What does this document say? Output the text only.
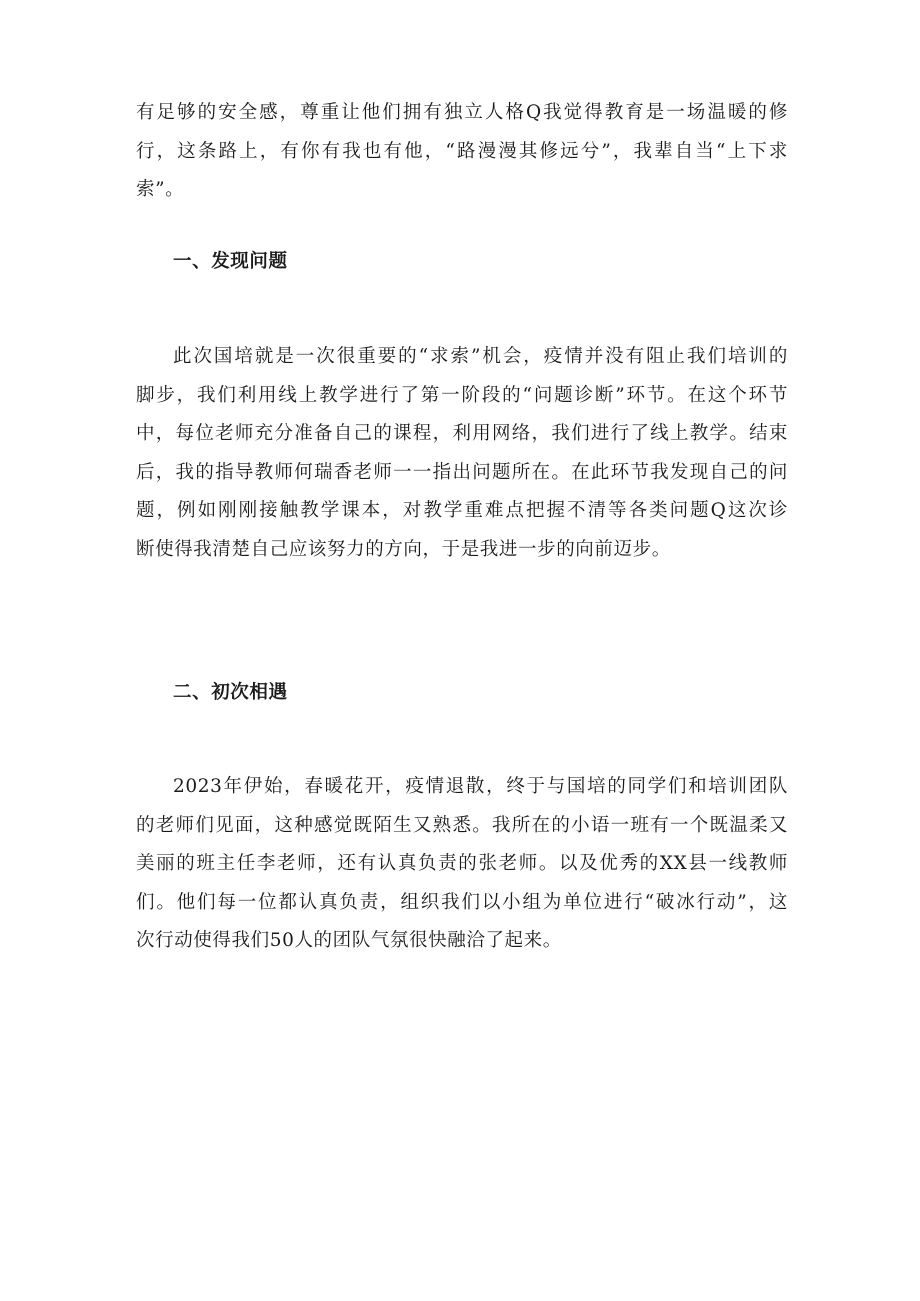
有足够的安全感，尊重让他们拥有独立人格Q我觉得教育是一场温暖的修
行，这条路上，有你有我也有他，“路漫漫其修远兮”，我辈自当“上下求
索”。
一、发现问题
此次国培就是一次很重要的“求索”机会，疫情并没有阻止我们培训的
脚步，我们利用线上教学进行了第一阶段的“问题诊断”环节。在这个环节
中，每位老师充分准备自己的课程，利用网络，我们进行了线上教学。结束
后，我的指导教师何瑞香老师一一指出问题所在。在此环节我发现自己的问
题，例如刚刚接触教学课本，对教学重难点把握不清等各类问题Q这次诊
断使得我清楚自己应该努力的方向，于是我进一步的向前迈步。
二、初次相遇
2023年伊始，春暖花开，疫情退散，终于与国培的同学们和培训团队
的老师们见面，这种感觉既陌生又熟悉。我所在的小语一班有一个既温柔又
美丽的班主任李老师，还有认真负责的张老师。以及优秀的XX县一线教师
们。他们每一位都认真负责，组织我们以小组为单位进行“破冰行动”，这
次行动使得我们50人的团队气氛很快融洽了起来。
